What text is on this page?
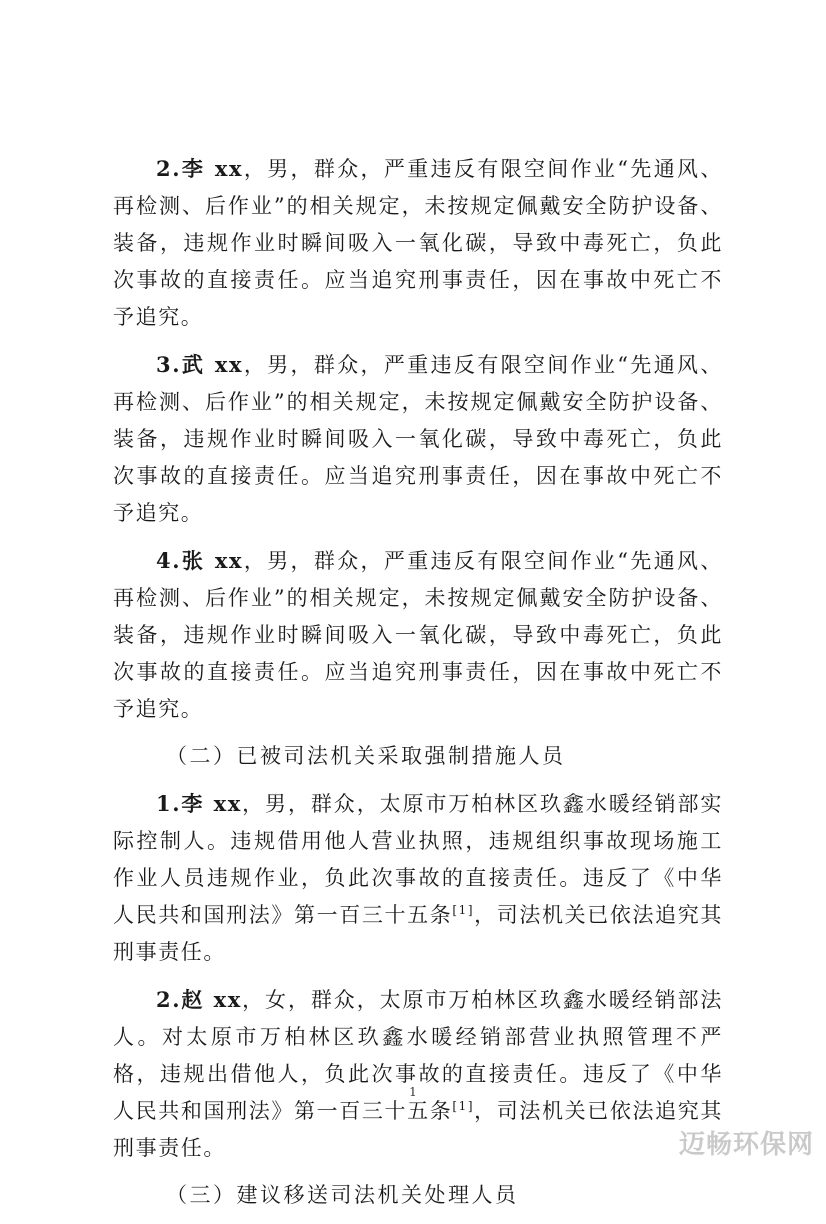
2.李 xx，男，群众，严重违反有限空间作业“先通风、再检测、后作业”的相关规定，未按规定佩戴安全防护设备、装备，违规作业时瞬间吸入一氧化碳，导致中毒死亡，负此次事故的直接责任。应当追究刑事责任，因在事故中死亡不予追究。

3.武 xx，男，群众，严重违反有限空间作业“先通风、再检测、后作业”的相关规定，未按规定佩戴安全防护设备、装备，违规作业时瞬间吸入一氧化碳，导致中毒死亡，负此次事故的直接责任。应当追究刑事责任，因在事故中死亡不予追究。

4.张 xx，男，群众，严重违反有限空间作业“先通风、再检测、后作业”的相关规定，未按规定佩戴安全防护设备、装备，违规作业时瞬间吸入一氧化碳，导致中毒死亡，负此次事故的直接责任。应当追究刑事责任，因在事故中死亡不予追究。

（二）已被司法机关采取强制措施人员

1.李 xx，男，群众，太原市万柏林区玖鑫水暖经销部实际控制人。违规借用他人营业执照，违规组织事故现场施工作业人员违规作业，负此次事故的直接责任。违反了《中华人民共和国刑法》第一百三十五条[1]，司法机关已依法追究其刑事责任。

2.赵 xx，女，群众，太原市万柏林区玖鑫水暖经销部法人。对太原市万柏林区玖鑫水暖经销部营业执照管理不严格，违规出借他人，负此次事故的直接责任。违反了《中华人民共和国刑法》第一百三十五条[1]，司法机关已依法追究其刑事责任。

（三）建议移送司法机关处理人员
1
迈畅环保网
